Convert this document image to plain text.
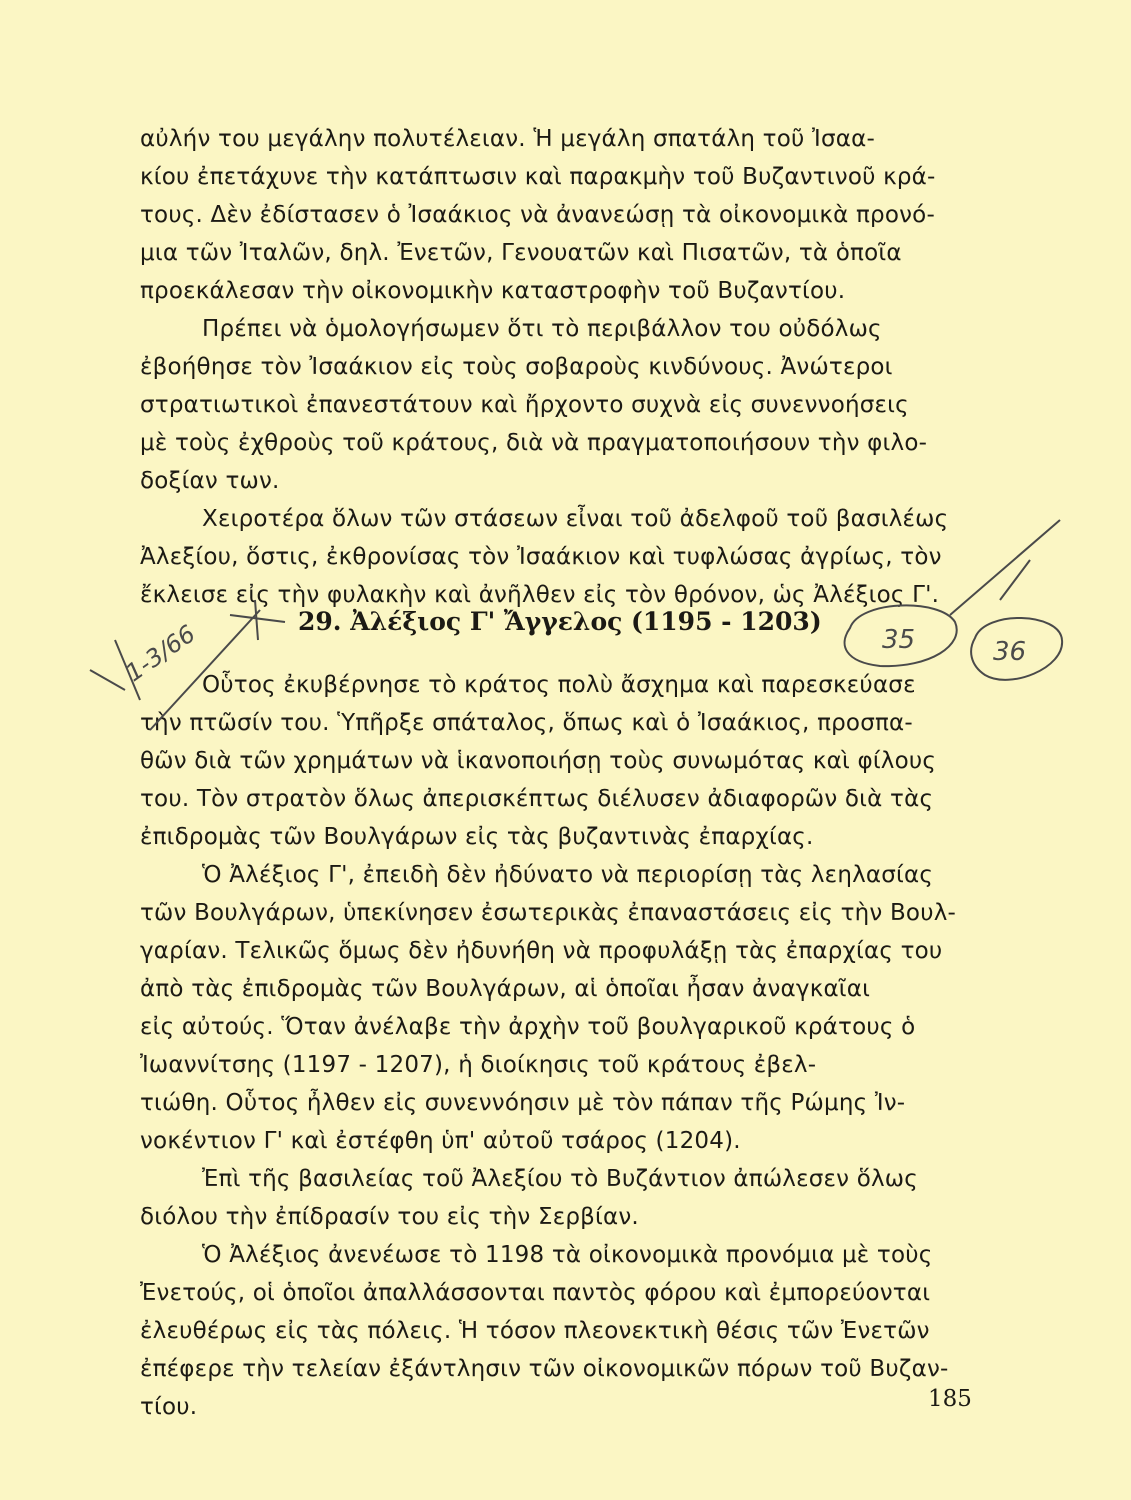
αὐλήν του μεγάλην πολυτέλειαν. Ἡ μεγάλη σπατάλη τοῦ Ἰσαα-
κίου ἐπετάχυνε τὴν κατάπτωσιν καὶ παρακμὴν τοῦ Βυζαντινοῦ κρά-
τους. Δὲν ἐδίστασεν ὁ Ἰσαάκιος νὰ ἀνανεώσῃ τὰ οἰκονομικὰ προνό-
μια τῶν Ἰταλῶν, δηλ. Ἐνετῶν, Γενουατῶν καὶ Πισατῶν, τὰ ὁποῖα
προεκάλεσαν τὴν οἰκονομικὴν καταστροφὴν τοῦ Βυζαντίου.
Πρέπει νὰ ὁμολογήσωμεν ὅτι τὸ περιβάλλον του οὐδόλως
ἐβοήθησε τὸν Ἰσαάκιον εἰς τοὺς σοβαροὺς κινδύνους. Ἀνώτεροι
στρατιωτικοὶ ἐπανεστάτουν καὶ ἤρχοντο συχνὰ εἰς συνεννοήσεις
μὲ τοὺς ἐχθροὺς τοῦ κράτους, διὰ νὰ πραγματοποιήσουν τὴν φιλο-
δοξίαν των.
Χειροτέρα ὅλων τῶν στάσεων εἶναι τοῦ ἀδελφοῦ τοῦ βασιλέως
Ἀλεξίου, ὅστις, ἐκθρονίσας τὸν Ἰσαάκιον καὶ τυφλώσας ἀγρίως, τὸν
ἔκλεισε εἰς τὴν φυλακὴν καὶ ἀνῆλθεν εἰς τὸν θρόνον, ὡς Ἀλέξιος Γ'.
29. Ἀλέξιος Γ' Ἄγγελος (1195 - 1203)
Οὗτος ἐκυβέρνησε τὸ κράτος πολὺ ἄσχημα καὶ παρεσκεύασε
τὴν πτῶσίν του. Ὑπῆρξε σπάταλος, ὅπως καὶ ὁ Ἰσαάκιος, προσπα-
θῶν διὰ τῶν χρημάτων νὰ ἱκανοποιήσῃ τοὺς συνωμότας καὶ φίλους
του. Τὸν στρατὸν ὅλως ἀπερισκέπτως διέλυσεν ἀδιαφορῶν διὰ τὰς
ἐπιδρομὰς τῶν Βουλγάρων εἰς τὰς βυζαντινὰς ἐπαρχίας.
Ὁ Ἀλέξιος Γ', ἐπειδὴ δὲν ἠδύνατο νὰ περιορίσῃ τὰς λεηλασίας
τῶν Βουλγάρων, ὑπεκίνησεν ἐσωτερικὰς ἐπαναστάσεις εἰς τὴν Βουλ-
γαρίαν. Τελικῶς ὅμως δὲν ἠδυνήθη νὰ προφυλάξῃ τὰς ἐπαρχίας του
ἀπὸ τὰς ἐπιδρομὰς τῶν Βουλγάρων, αἱ ὁποῖαι ἦσαν ἀναγκαῖαι
εἰς αὐτούς. Ὅταν ἀνέλαβε τὴν ἀρχὴν τοῦ βουλγαρικοῦ κράτους ὁ
Ἰωαννίτσης (1197 - 1207), ἡ διοίκησις τοῦ κράτους ἐβελ-
τιώθη. Οὗτος ἦλθεν εἰς συνεννόησιν μὲ τὸν πάπαν τῆς Ρώμης Ἰν-
νοκέντιον Γ' καὶ ἐστέφθη ὑπ' αὐτοῦ τσάρος (1204).
Ἐπὶ τῆς βασιλείας τοῦ Ἀλεξίου τὸ Βυζάντιον ἀπώλεσεν ὅλως
διόλου τὴν ἐπίδρασίν του εἰς τὴν Σερβίαν.
Ὁ Ἀλέξιος ἀνενέωσε τὸ 1198 τὰ οἰκονομικὰ προνόμια μὲ τοὺς
Ἐνετούς, οἱ ὁποῖοι ἀπαλλάσσονται παντὸς φόρου καὶ ἐμπορεύονται
ἐλευθέρως εἰς τὰς πόλεις. Ἡ τόσον πλεονεκτικὴ θέσις τῶν Ἐνετῶν
ἐπέφερε τὴν τελείαν ἐξάντλησιν τῶν οἰκονομικῶν πόρων τοῦ Βυζαν-
τίου.	185
35	36
1-3/66
